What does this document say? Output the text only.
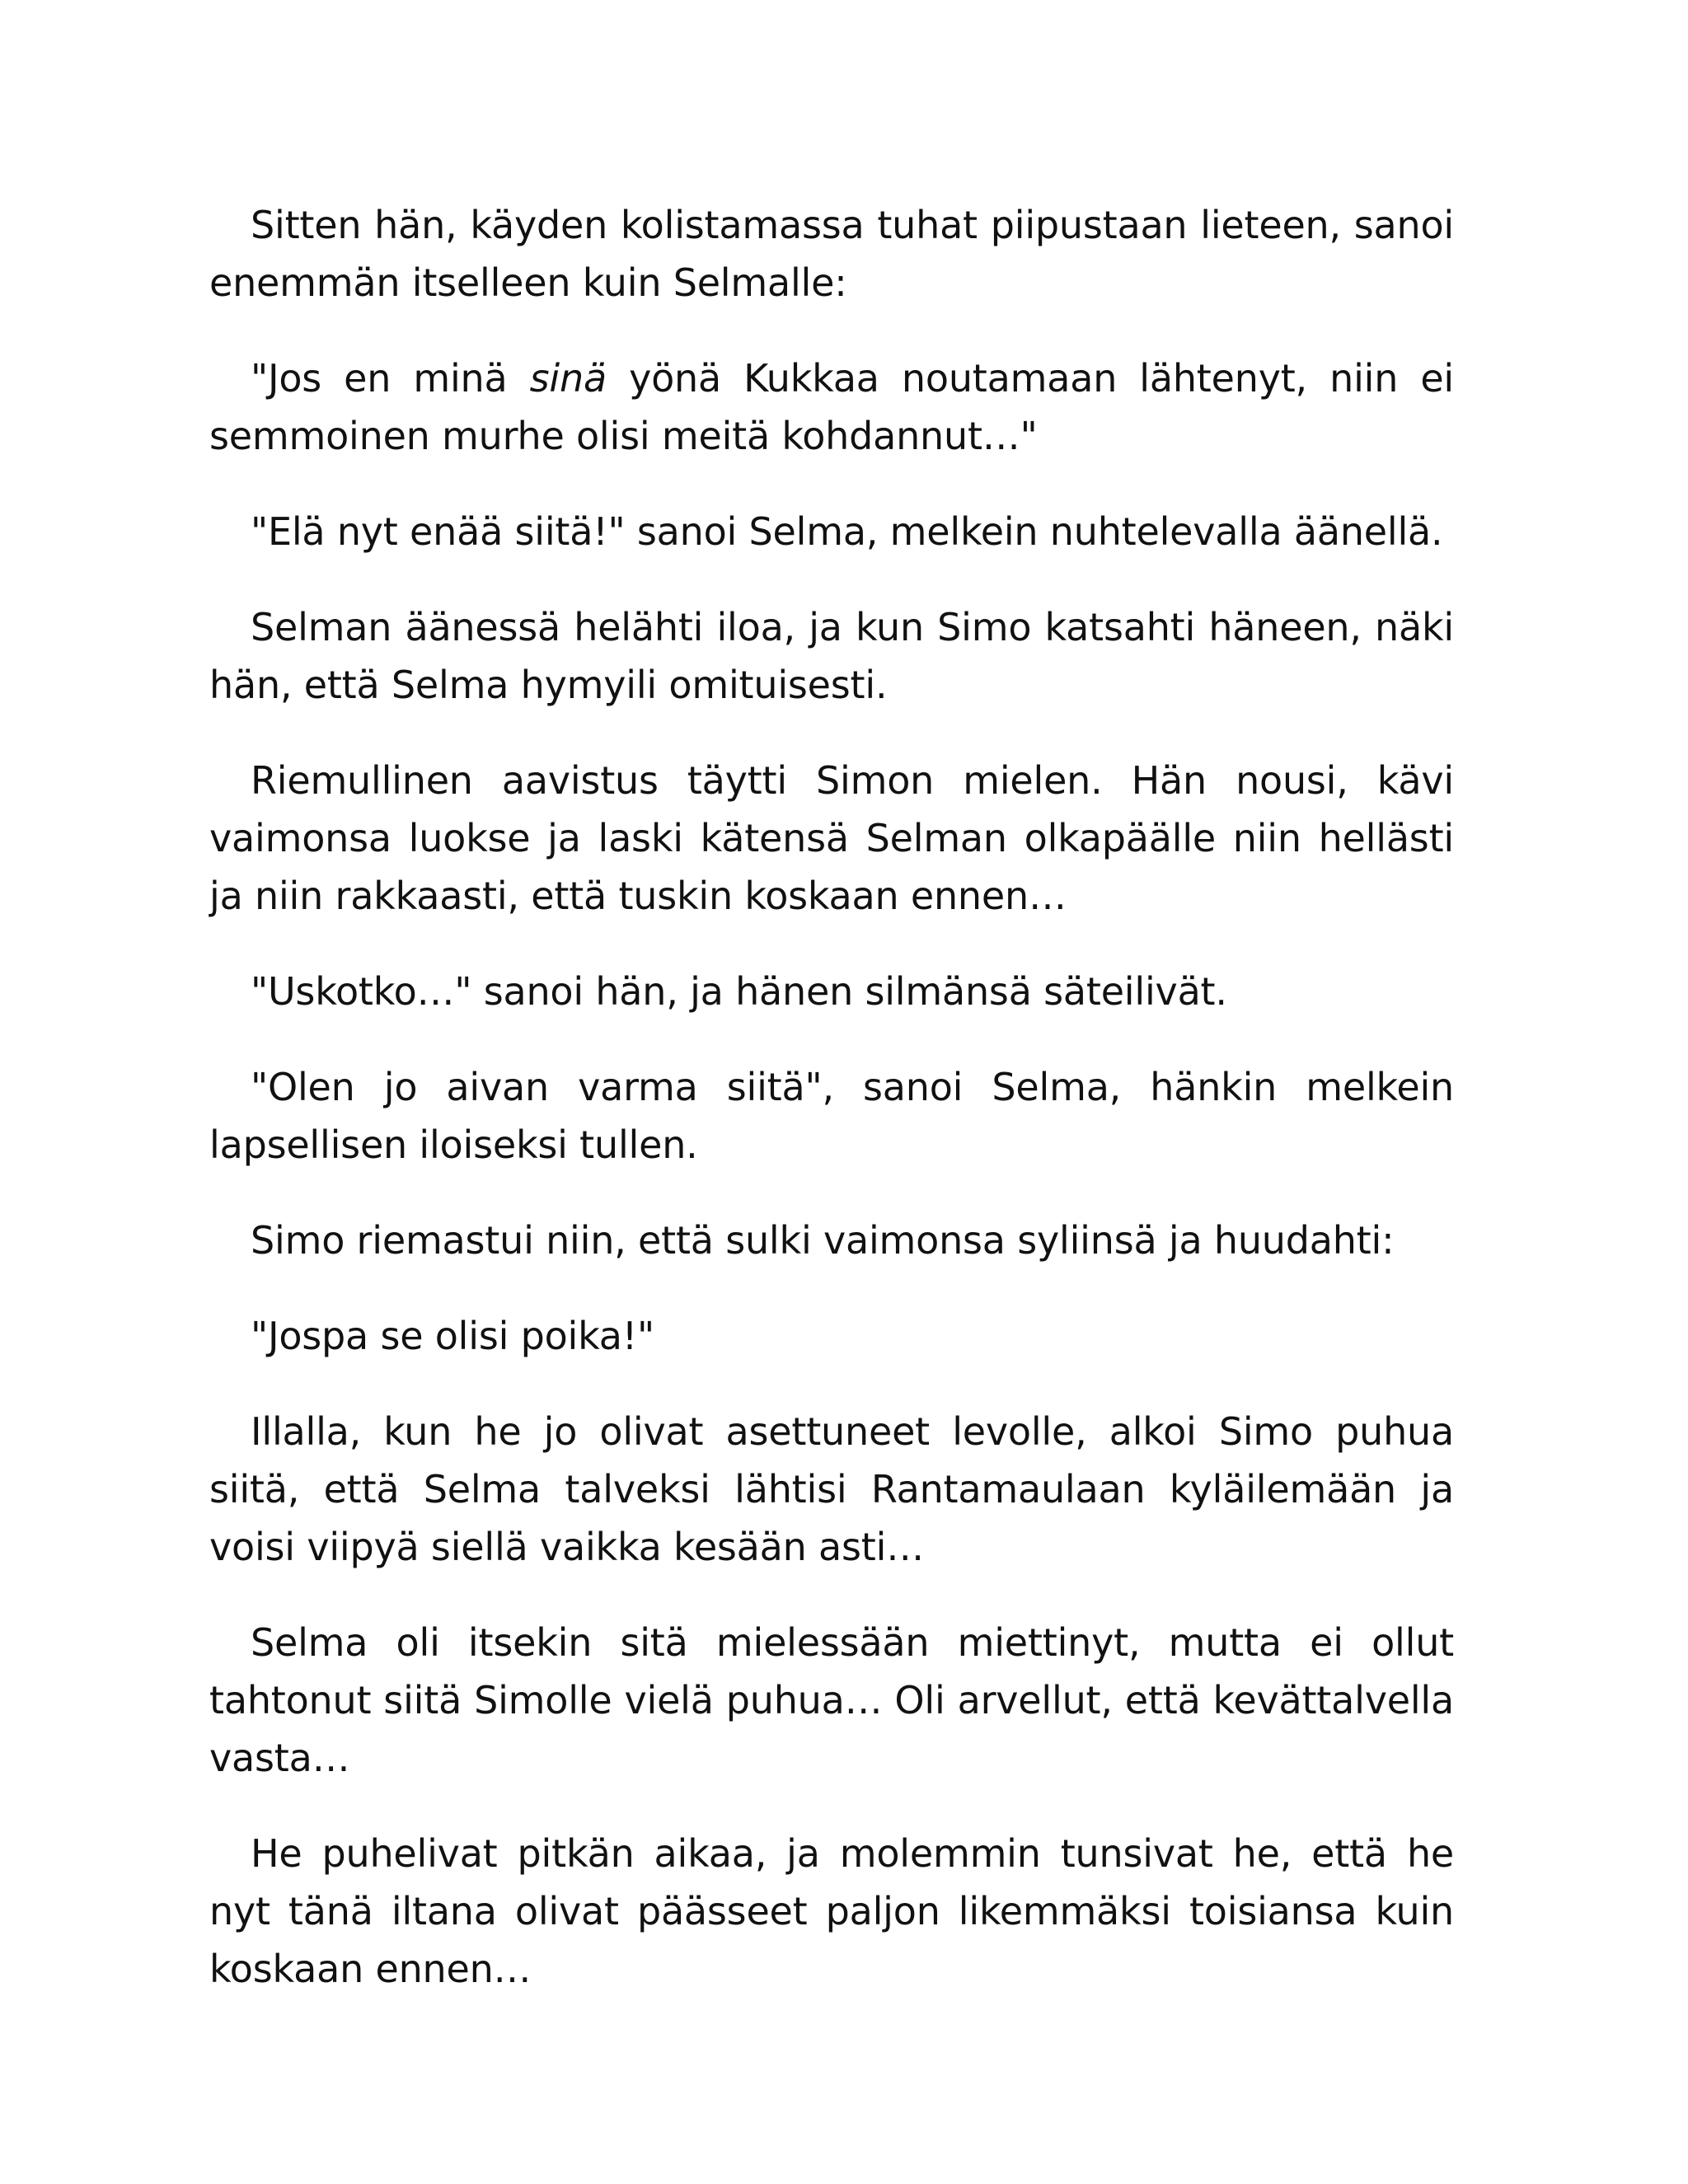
Sitten hän, käyden kolistamassa tuhat piipustaan lieteen, sanoi enemmän itselleen kuin Selmalle:

"Jos en minä sinä yönä Kukkaa noutamaan lähtenyt, niin ei semmoinen murhe olisi meitä kohdannut…"

"Elä nyt enää siitä!" sanoi Selma, melkein nuhtelevalla äänellä.

Selman äänessä helähti iloa, ja kun Simo katsahti häneen, näki hän, että Selma hymyili omituisesti.

Riemullinen aavistus täytti Simon mielen. Hän nousi, kävi vaimonsa luokse ja laski kätensä Selman olkapäälle niin hellästi ja niin rakkaasti, että tuskin koskaan ennen…

"Uskotko…" sanoi hän, ja hänen silmänsä säteilivät.

"Olen jo aivan varma siitä", sanoi Selma, hänkin melkein lapsellisen iloiseksi tullen.

Simo riemastui niin, että sulki vaimonsa syliinsä ja huudahti:

"Jospa se olisi poika!"

Illalla, kun he jo olivat asettuneet levolle, alkoi Simo puhua siitä, että Selma talveksi lähtisi Rantamaulaan kyläilemään ja voisi viipyä siellä vaikka kesään asti…

Selma oli itsekin sitä mielessään miettinyt, mutta ei ollut tahtonut siitä Simolle vielä puhua… Oli arvellut, että kevättalvella vasta…

He puhelivat pitkän aikaa, ja molemmin tunsivat he, että he nyt tänä iltana olivat päässeet paljon likemmäksi toisiansa kuin koskaan ennen…
